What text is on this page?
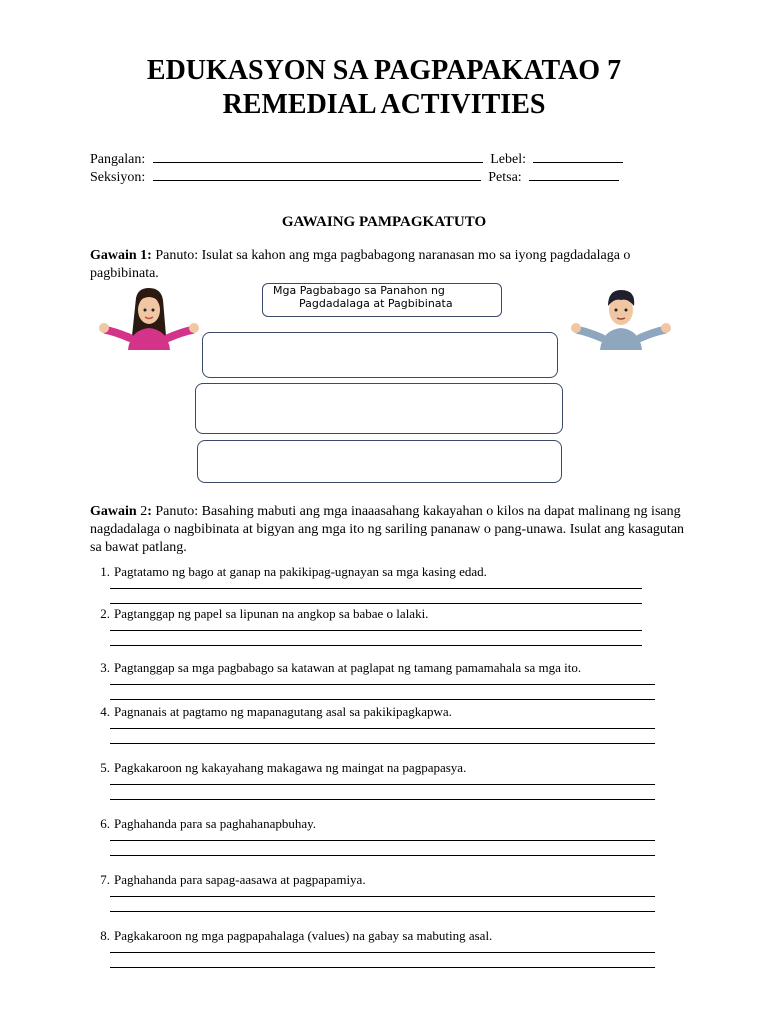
EDUKASYON SA PAGPAPAKATAO 7
REMEDIAL ACTIVITIES
Pangalan:	Lebel:
Seksiyon:	Petsa:
GAWAING PAMPAGKATUTO
Gawain 1: Panuto: Isulat sa kahon ang mga pagbabagong naranasan mo sa iyong pagdadalaga o pagbibinata.
Mga Pagbabago sa Panahon ng
Pagdadalaga at Pagbibinata
Gawain 2: Panuto: Basahing mabuti ang mga inaaasahang kakayahan o kilos na dapat malinang ng isang nagdadalaga o nagbibinata at bigyan ang mga ito ng sariling pananaw o pang-unawa. Isulat ang kasagutan sa bawat patlang.
1. Pagtatamo ng bago at ganap na pakikipag-ugnayan sa mga kasing edad.
2. Pagtanggap ng papel sa lipunan na angkop sa babae o lalaki.
3. Pagtanggap sa mga pagbabago sa katawan at paglapat ng tamang pamamahala sa mga ito.
4. Pagnanais at pagtamo ng mapanagutang asal sa pakikipagkapwa.
5. Pagkakaroon ng kakayahang makagawa ng maingat na pagpapasya.
6. Paghahanda para sa paghahanapbuhay.
7. Paghahanda para sapag-aasawa at pagpapamiya.
8. Pagkakaroon ng mga pagpapahalaga (values) na gabay sa mabuting asal.
